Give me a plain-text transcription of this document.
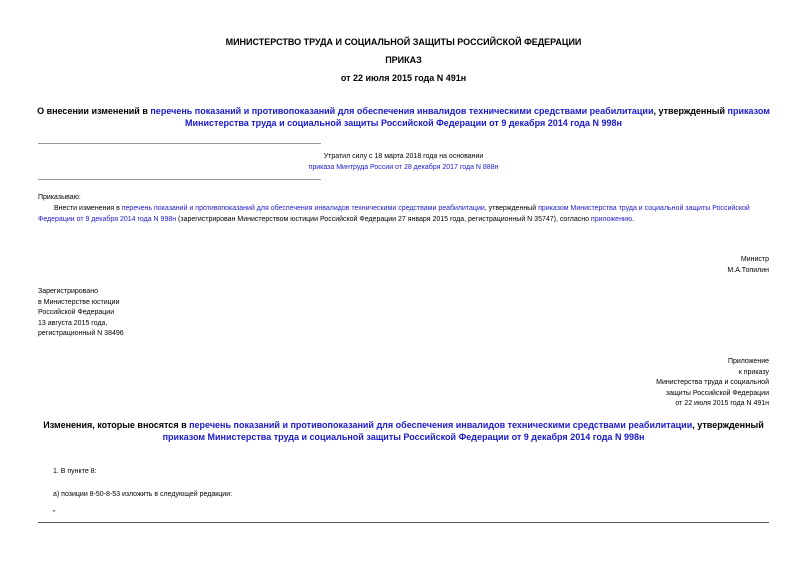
МИНИСТЕРСТВО ТРУДА И СОЦИАЛЬНОЙ ЗАЩИТЫ РОССИЙСКОЙ ФЕДЕРАЦИИ
ПРИКАЗ
от 22 июля 2015 года N 491н
О внесении изменений в перечень показаний и противопоказаний для обеспечения инвалидов техническими средствами реабилитации, утвержденный приказом
Министерства труда и социальной защиты Российской Федерации от 9 декабря 2014 года N 998н
Утратил силу с 18 марта 2018 года на основании
приказа Минтруда России от 28 декабря 2017 года N 888н
Приказываю:
Внести изменения в перечень показаний и противопоказаний для обеспечения инвалидов техническими средствами реабилитации, утвержденный приказом Министерства труда и социальной защиты Российской
Федерации от 9 декабря 2014 года N 998н (зарегистрирован Министерством юстиции Российской Федерации 27 января 2015 года, регистрационный N 35747), согласно приложению.
Министр
М.А.Топилин
Зарегистрировано
в Министерстве юстиции
Российской Федерации
13 августа 2015 года,
регистрационный N 38496
Приложение
к приказу
Министерства труда и социальной
защиты Российской Федерации
от 22 июля 2015 года N 491н
Изменения, которые вносятся в перечень показаний и противопоказаний для обеспечения инвалидов техническими средствами реабилитации, утвержденный
приказом Министерства труда и социальной защиты Российской Федерации от 9 декабря 2014 года N 998н
1. В пункте 8:
а) позиции 8-50-8-53 изложить в следующей редакции:
"
